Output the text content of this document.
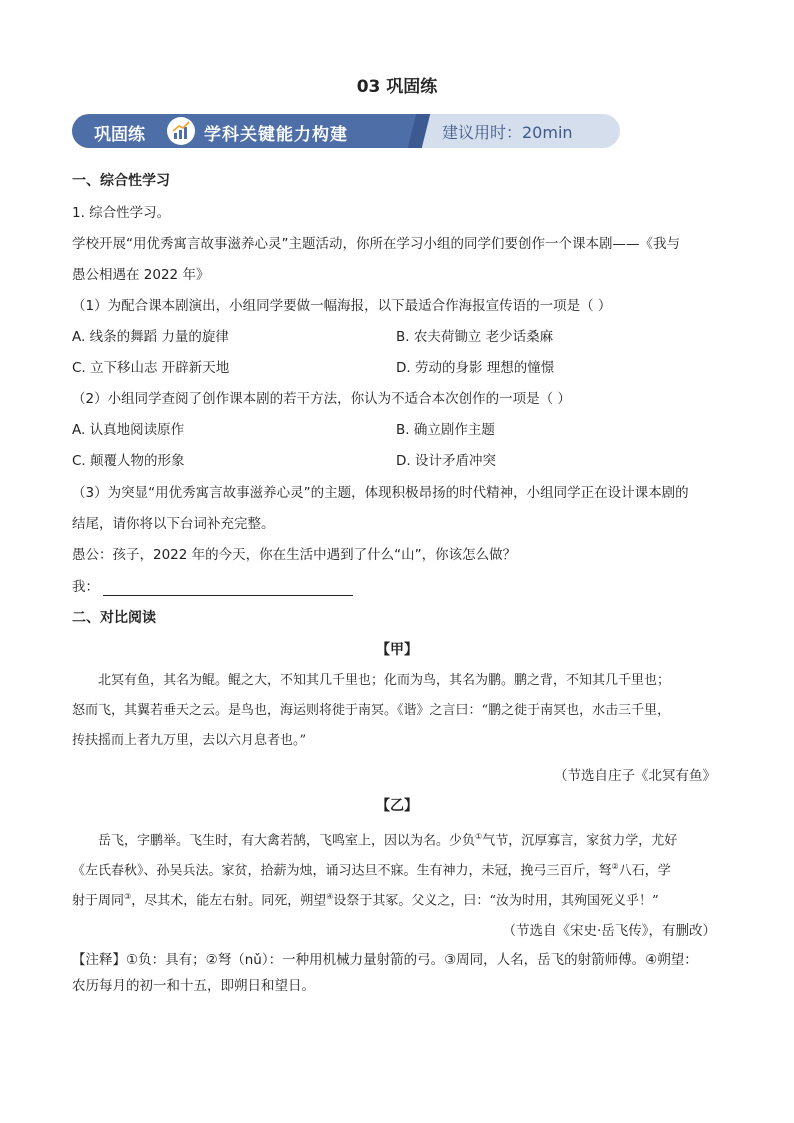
03 巩固练
巩固练	学科关键能力构建	建议用时：20min
一、综合性学习
1. 综合性学习。
学校开展“用优秀寓言故事滋养心灵”主题活动，你所在学习小组的同学们要创作一个课本剧——《我与
愚公相遇在 2022 年》
（1）为配合课本剧演出，小组同学要做一幅海报，以下最适合作海报宣传语的一项是（ ）
A. 线条的舞蹈 力量的旋律	B. 农夫荷锄立 老少话桑麻
C. 立下移山志 开辟新天地	D. 劳动的身影 理想的憧憬
（2）小组同学查阅了创作课本剧的若干方法，你认为不适合本次创作的一项是（ ）
A. 认真地阅读原作	B. 确立剧作主题
C. 颠覆人物的形象	D. 设计矛盾冲突
（3）为突显“用优秀寓言故事滋养心灵”的主题，体现积极昂扬的时代精神，小组同学正在设计课本剧的
结尾，请你将以下台词补充完整。
愚公：孩子，2022 年的今天，你在生活中遇到了什么“山”，你该怎么做？
我：
二、对比阅读
【甲】
北冥有鱼，其名为鲲。鲲之大，不知其几千里也；化而为鸟，其名为鹏。鹏之背，不知其几千里也；
怒而飞，其翼若垂天之云。是鸟也，海运则将徙于南冥。《谐》之言曰：“鹏之徙于南冥也，水击三千里，
抟扶摇而上者九万里，去以六月息者也。”
（节选自庄子《北冥有鱼》
【乙】
岳飞，字鹏举。飞生时，有大禽若鹄，飞鸣室上，因以为名。少负①气节，沉厚寡言，家贫力学，尤好
《左氏春秋》、孙吴兵法。家贫，拾薪为烛，诵习达旦不寐。生有神力，未冠，挽弓三百斤，弩②八石，学
射于周同③，尽其术，能左右射。同死，朔望④设祭于其冢。父义之，曰：“汝为时用，其殉国死义乎！”
（节选自《宋史·岳飞传》，有删改）
【注释】①负：具有；②弩（nǔ）：一种用机械力量射箭的弓。③周同，人名，岳飞的射箭师傅。④朔望：
农历每月的初一和十五，即朔日和望日。
